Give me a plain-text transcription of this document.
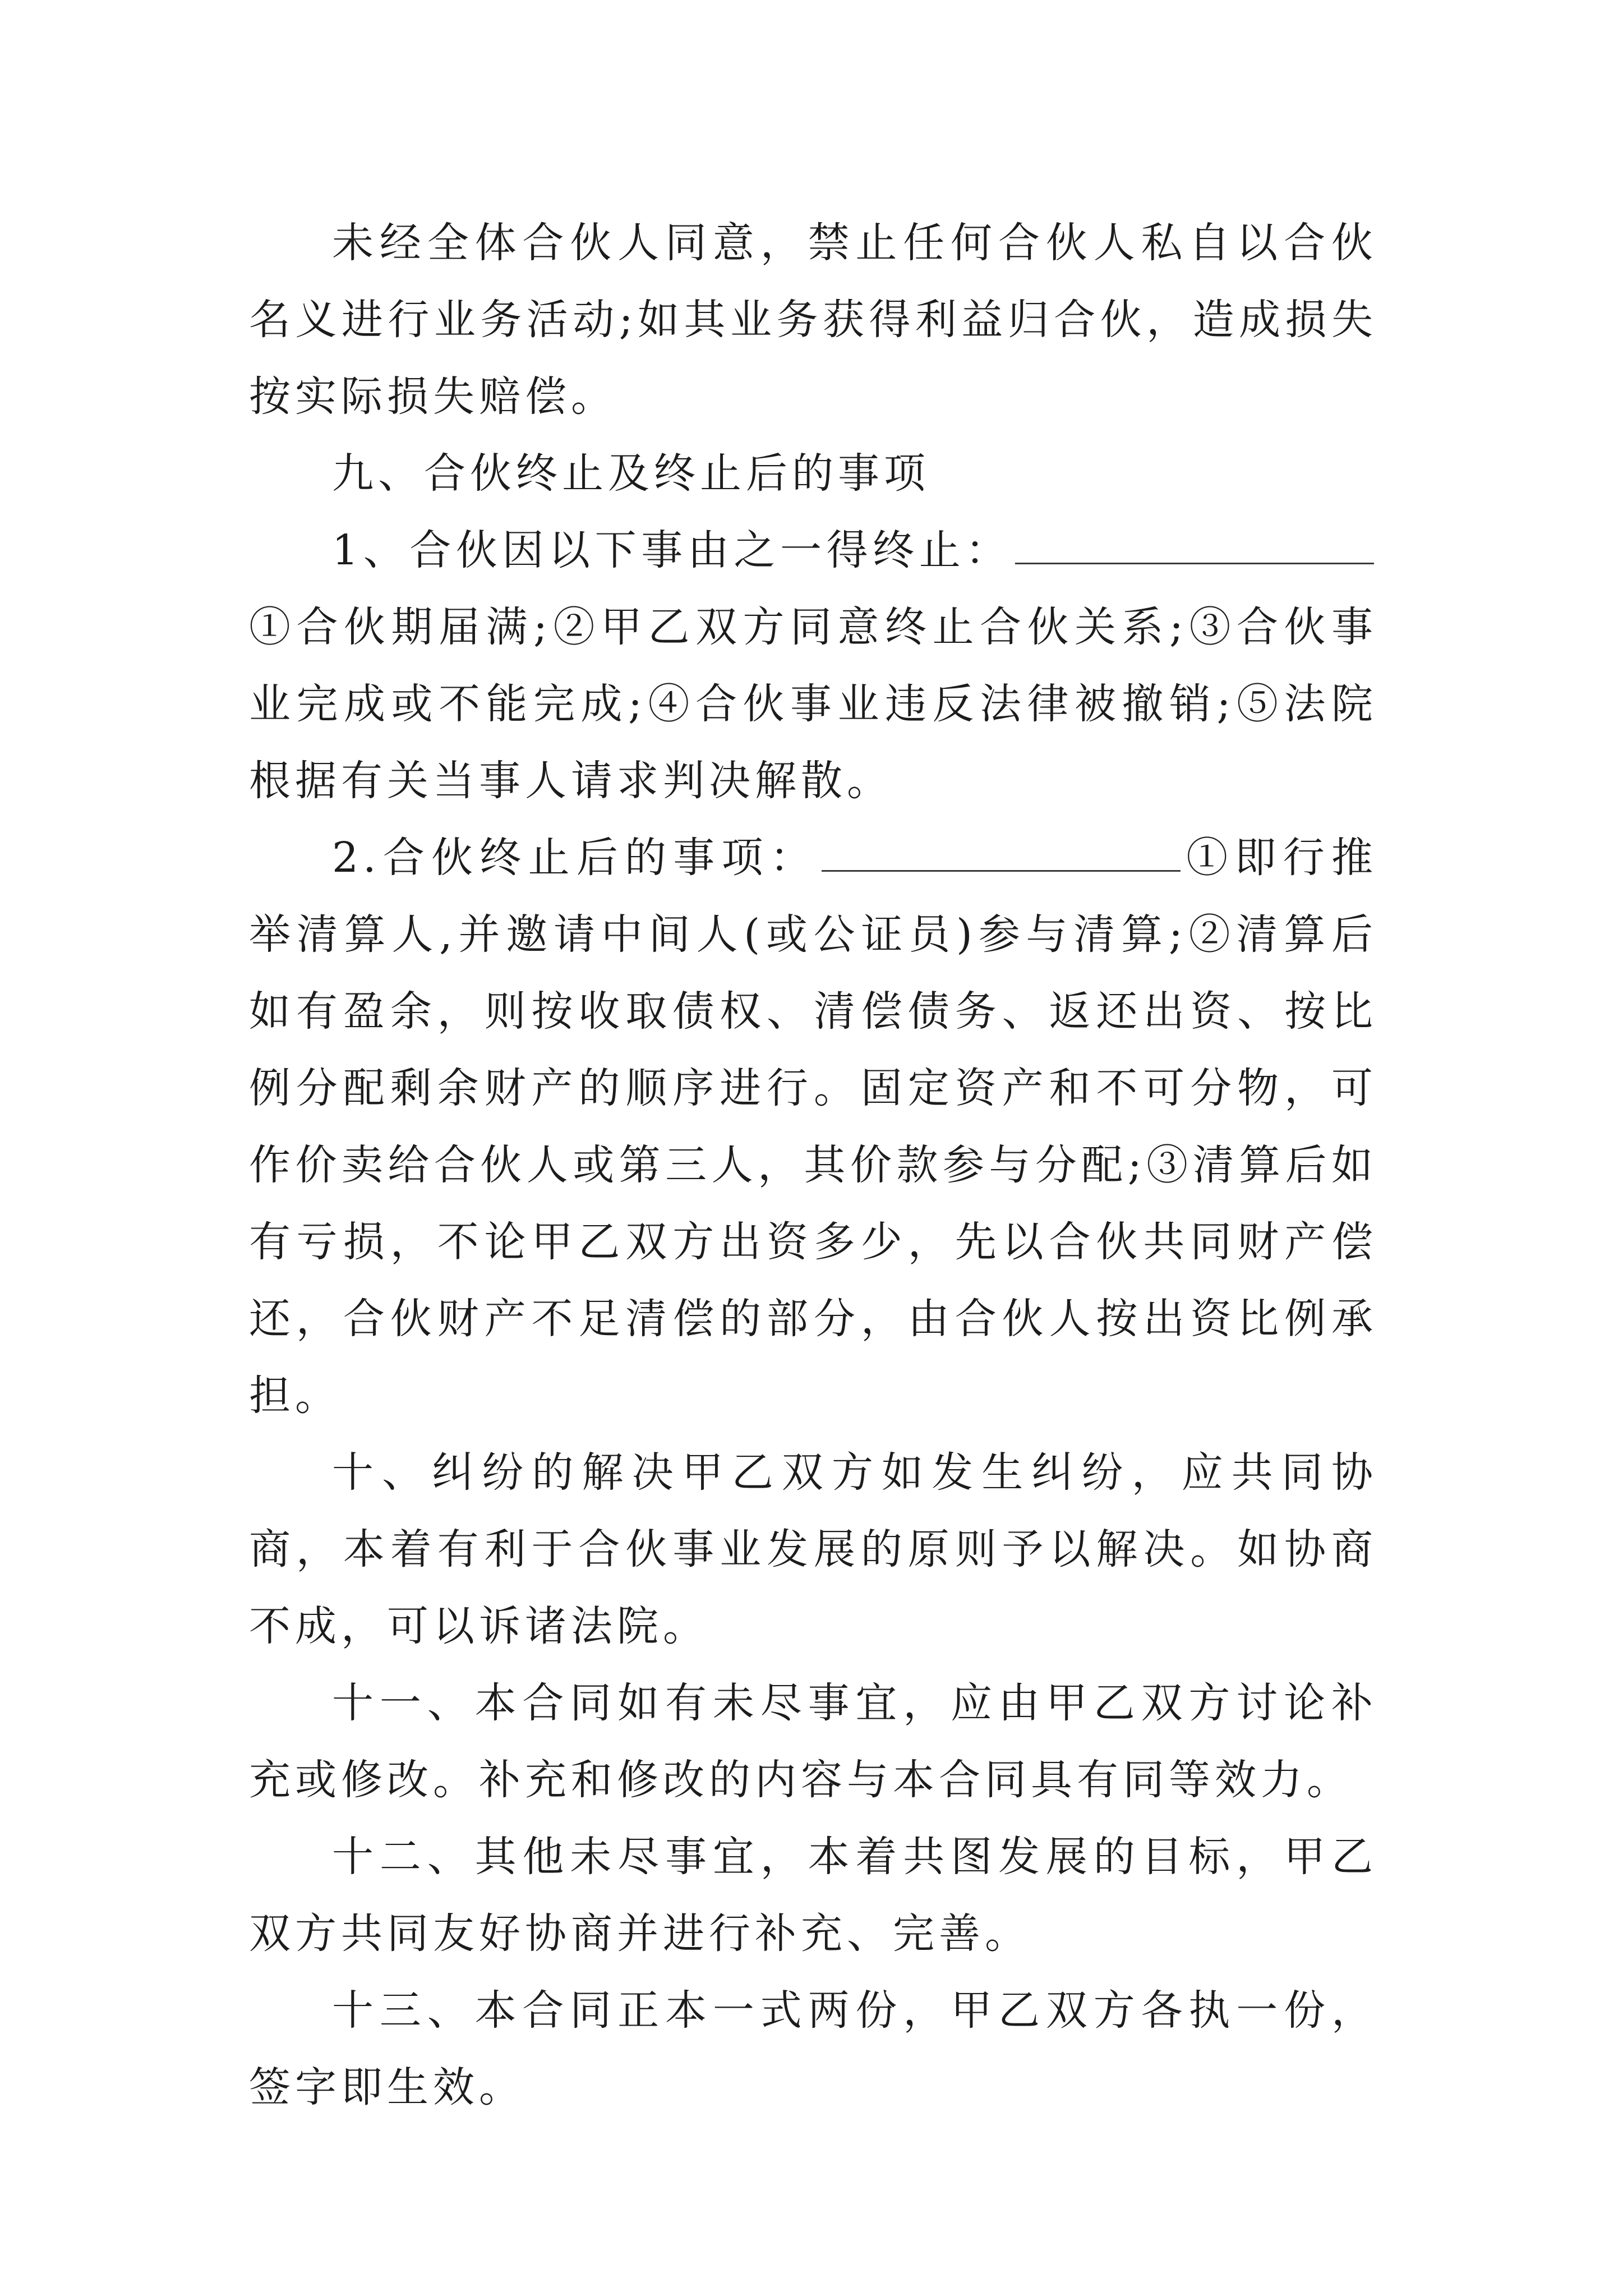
未经全体合伙人同意，禁止任何合伙人私自以合伙名义进行业务活动;如其业务获得利益归合伙，造成损失按实际损失赔偿。

九、合伙终止及终止后的事项

1、合伙因以下事由之一得终止：①合伙期届满;②甲乙双方同意终止合伙关系;③合伙事业完成或不能完成;④合伙事业违反法律被撤销;⑤法院根据有关当事人请求判决解散。

2.合伙终止后的事项：	①即行推举清算人,并邀请中间人(或公证员)参与清算;②清算后如有盈余，则按收取债权、清偿债务、返还出资、按比例分配剩余财产的顺序进行。固定资产和不可分物，可作价卖给合伙人或第三人，其价款参与分配;③清算后如有亏损，不论甲乙双方出资多少，先以合伙共同财产偿还，合伙财产不足清偿的部分，由合伙人按出资比例承担。

十、纠纷的解决甲乙双方如发生纠纷，应共同协商，本着有利于合伙事业发展的原则予以解决。如协商不成，可以诉诸法院。

十一、本合同如有未尽事宜，应由甲乙双方讨论补充或修改。补充和修改的内容与本合同具有同等效力。

十二、其他未尽事宜，本着共图发展的目标，甲乙双方共同友好协商并进行补充、完善。

十三、本合同正本一式两份，甲乙双方各执一份，签字即生效。
